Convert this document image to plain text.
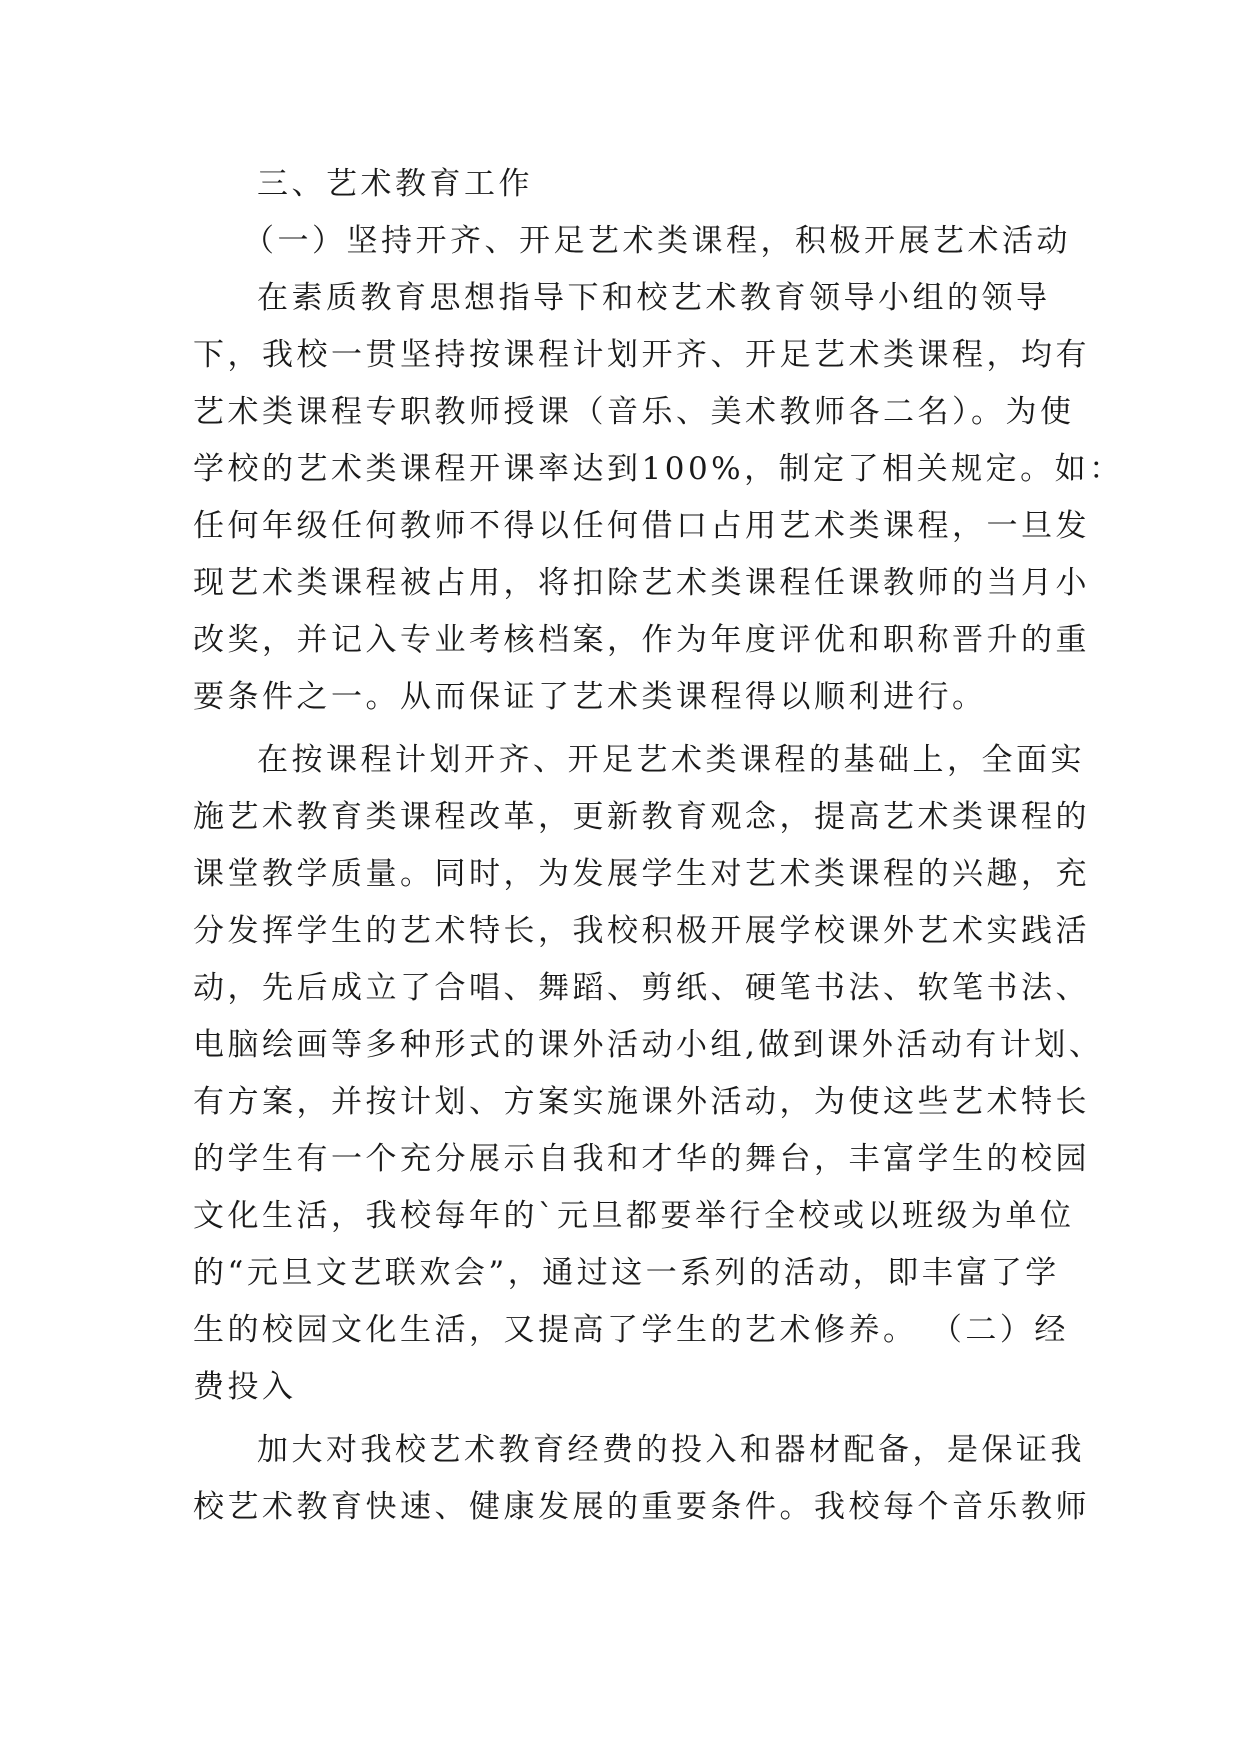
三、艺术教育工作
（一）坚持开齐、开足艺术类课程，积极开展艺术活动
在素质教育思想指导下和校艺术教育领导小组的领导
下，我校一贯坚持按课程计划开齐、开足艺术类课程，均有
艺术类课程专职教师授课（音乐、美术教师各二名）。为使
学校的艺术类课程开课率达到100%，制定了相关规定。如：
任何年级任何教师不得以任何借口占用艺术类课程，一旦发
现艺术类课程被占用，将扣除艺术类课程任课教师的当月小
改奖，并记入专业考核档案，作为年度评优和职称晋升的重
要条件之一。从而保证了艺术类课程得以顺利进行。
在按课程计划开齐、开足艺术类课程的基础上，全面实
施艺术教育类课程改革，更新教育观念，提高艺术类课程的
课堂教学质量。同时，为发展学生对艺术类课程的兴趣，充
分发挥学生的艺术特长，我校积极开展学校课外艺术实践活
动，先后成立了合唱、舞蹈、剪纸、硬笔书法、软笔书法、
电脑绘画等多种形式的课外活动小组,做到课外活动有计划、
有方案，并按计划、方案实施课外活动，为使这些艺术特长
的学生有一个充分展示自我和才华的舞台，丰富学生的校园
文化生活，我校每年的`元旦都要举行全校或以班级为单位
的“元旦文艺联欢会”，通过这一系列的活动，即丰富了学
生的校园文化生活，又提高了学生的艺术修养。 （二）经
费投入
加大对我校艺术教育经费的投入和器材配备，是保证我
校艺术教育快速、健康发展的重要条件。我校每个音乐教师
